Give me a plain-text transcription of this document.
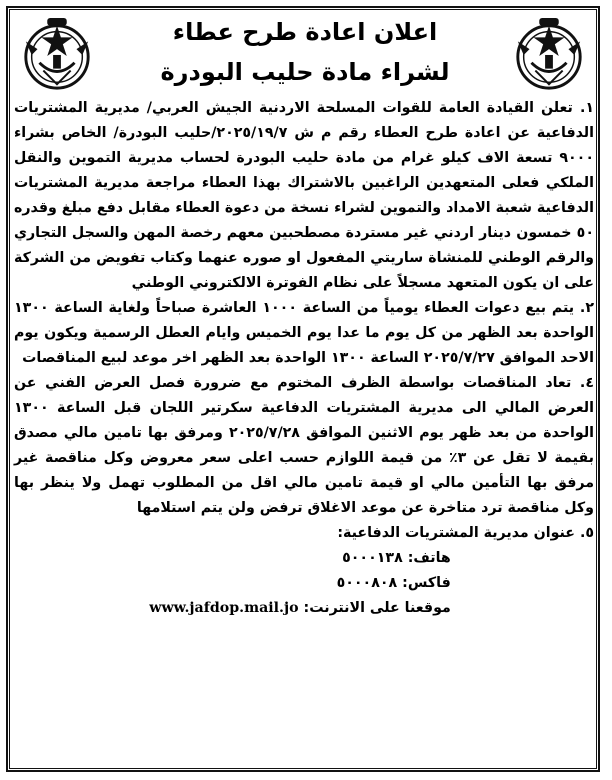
اعلان اعادة طرح عطاء
لشراء مادة حليب البودرة

١. تعلن القيادة العامة للقوات المسلحة الاردنية الجيش العربي/ مديرية المشتريات الدفاعية عن اعادة طرح العطاء رقم م ش ٢٠٢٥/١٩/٧/حليب البودرة/ الخاص بشراء ٩٠٠٠ تسعة الاف كيلو غرام من مادة حليب البودرة لحساب مديرية التموين والنقل الملكي فعلى المتعهدين الراغبين بالاشتراك بهذا العطاء مراجعة مديرية المشتريات الدفاعية شعبة الامداد والتموين لشراء نسخة من دعوة العطاء مقابل دفع مبلغ وقدره ٥٠ خمسون دينار اردني غير مستردة مصطحبين معهم رخصة المهن والسجل التجاري والرقم الوطني للمنشاة ساريتي المفعول او صوره عنهما وكتاب تفويض من الشركة على ان يكون المتعهد مسجلاً على نظام الفوترة الالكتروني الوطني

٢. يتم بيع دعوات العطاء يومياً من الساعة ١٠٠٠ العاشرة صباحاً ولغاية الساعة ١٣٠٠ الواحدة بعد الظهر من كل يوم ما عدا يوم الخميس وايام العطل الرسمية ويكون يوم الاحد الموافق ٢٠٢٥/٧/٢٧ الساعة ١٣٠٠ الواحدة بعد الظهر اخر موعد لبيع المناقصات

٤. تعاد المناقصات بواسطة الظرف المختوم مع ضرورة فصل العرض الفني عن العرض المالي الى مديرية المشتريات الدفاعية سكرتير اللجان قبل الساعة ١٣٠٠ الواحدة من بعد ظهر يوم الاثنين الموافق ٢٠٢٥/٧/٢٨ ومرفق بها تامين مالي مصدق بقيمة لا تقل عن ٣٪ من قيمة اللوازم حسب اعلى سعر معروض وكل مناقصة غير مرفق بها التأمين مالي او قيمة تامين مالي اقل من المطلوب تهمل ولا ينظر بها وكل مناقصة ترد متاخرة عن موعد الاغلاق ترفض ولن يتم استلامها

٥. عنوان مديرية المشتريات الدفاعية:
هاتف: ٥٠٠٠١٣٨
فاكس: ٥٠٠٠٨٠٨
موقعنا على الانترنت: www.jafdop.mail.jo
